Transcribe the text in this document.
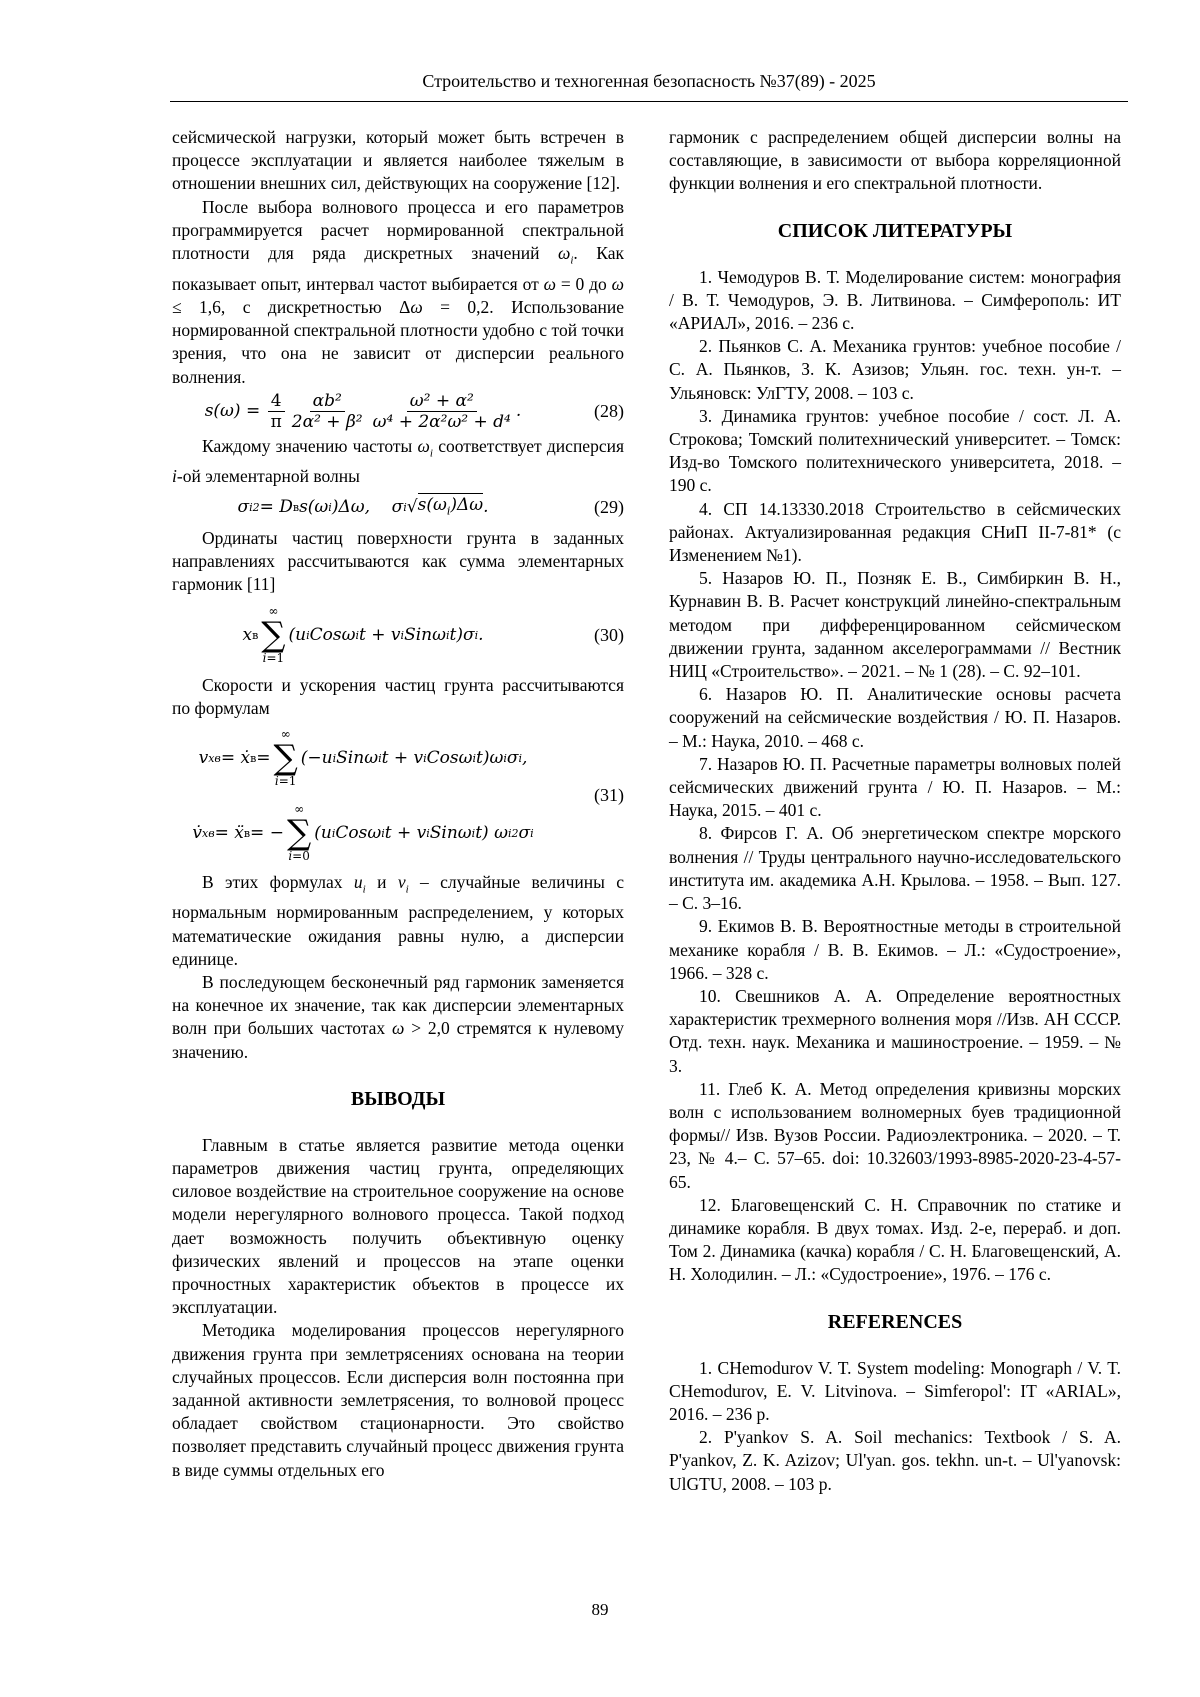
Строительство и техногенная безопасность №37(89) - 2025

сейсмической нагрузки, который может быть встречен в процессе эксплуатации и является наиболее тяжелым в отношении внешних сил, действующих на сооружение [12].

После выбора волнового процесса и его параметров программируется расчет нормированной спектральной плотности для ряда дискретных значений $\omega_i$. Как показывает опыт, интервал частот выбирается от ω = 0 до ω ≤ 1,6, с дискретностью Δω = 0,2. Использование нормированной спектральной плотности удобно с той точки зрения, что она не зависит от дисперсии реального волнения.

$s(\omega) = \frac{4}{\pi} \frac{\text{αb²}}{\text{2α² + β²}} \frac{\text{ω² + α²}}{\text{ω⁴ + 2α²ω² + d⁴}}$ .	(28)

Каждому значению частоты $\omega_i$ соответствует дисперсия i-ой элементарной волны

σ i 2 = D в s(ω i )Δω,    σ i √ $s(\omega_i)\Delta\omega$ .	(29)

Ординаты частиц поверхности грунта в заданных направлениях рассчитываются как сумма элементарных гармоник [11]

x в
∞
∑
i=1
(u i Cosω i t + v i Sinω i t)σ i .	(30)

Скорости и ускорения частиц грунта рассчитываются по формулам

v xв = ẋ в =
∞
∑
i=1
(−u i Sinω i t + v i Cosω i t)ω i σ i ,
v̇ xв = ẍ в = −
∞
∑
i=0
(u i Cosω i t + v i Sinω i t) ω i 2 σ i
(31)

В этих формулах $u_i$ и $v_i$ – случайные величины с нормальным нормированным распределением, у которых математические ожидания равны нулю, а дисперсии единице.

В последующем бесконечный ряд гармоник заменяется на конечное их значение, так как дисперсии элементарных волн при больших частотах ω > 2,0 стремятся к нулевому значению.

ВЫВОДЫ

Главным в статье является развитие метода оценки параметров движения частиц грунта, определяющих силовое воздействие на строительное сооружение на основе модели нерегулярного волнового процесса. Такой подход дает возможность получить объективную оценку физических явлений и процессов на этапе оценки прочностных характеристик объектов в процессе их эксплуатации.

Методика моделирования процессов нерегулярного движения грунта при землетрясениях основана на теории случайных процессов. Если дисперсия волн постоянна при заданной активности землетрясения, то волновой процесс обладает свойством стационарности. Это свойство позволяет представить случайный процесс движения грунта в виде суммы отдельных его

гармоник с распределением общей дисперсии волны на составляющие, в зависимости от выбора корреляционной функции волнения и его спектральной плотности.

СПИСОК ЛИТЕРАТУРЫ

1. Чемодуров В. Т. Моделирование систем: монография / В. Т. Чемодуров, Э. В. Литвинова. – Симферополь: ИТ «АРИАЛ», 2016. – 236 с.

2. Пьянков С. А. Механика грунтов: учебное пособие / С. А. Пьянков, З. К. Азизов; Ульян. гос. техн. ун-т. – Ульяновск: УлГТУ, 2008. – 103 с.

3. Динамика грунтов: учебное пособие / сост. Л. А. Строкова; Томский политехнический университет. – Томск: Изд-во Томского политехнического университета, 2018. – 190 с.

4. СП 14.13330.2018 Строительство в сейсмических районах. Актуализированная редакция СНиП II-7-81* (с Изменением №1).

5. Назаров Ю. П., Позняк Е. В., Симбиркин В. Н., Курнавин В. В. Расчет конструкций линейно-спектральным методом при дифференцированном сейсмическом движении грунта, заданном акселерограммами // Вестник НИЦ «Строительство». – 2021. – № 1 (28). – С. 92–101.

6. Назаров Ю. П. Аналитические основы расчета сооружений на сейсмические воздействия / Ю. П. Назаров. – М.: Наука, 2010. – 468 с.

7. Назаров Ю. П. Расчетные параметры волновых полей сейсмических движений грунта / Ю. П. Назаров. – М.: Наука, 2015. – 401 с.

8. Фирсов Г. А. Об энергетическом спектре морского волнения // Труды центрального научно-исследовательского института им. академика А.Н. Крылова. – 1958. – Вып. 127. – С. 3–16.

9. Екимов В. В. Вероятностные методы в строительной механике корабля / В. В. Екимов. – Л.: «Судостроение», 1966. – 328 с.

10. Свешников А. А. Определение вероятностных характеристик трехмерного волнения моря //Изв. АН СССР. Отд. техн. наук. Механика и машиностроение. – 1959. – № 3.

11. Глеб К. А. Метод определения кривизны морских волн с использованием волномерных буев традиционной формы// Изв. Вузов России. Радиоэлектроника. – 2020. – Т. 23, № 4.– С. 57–65. doi: 10.32603/1993-8985-2020-23-4-57-65.

12. Благовещенский С. Н. Справочник по статике и динамике корабля. В двух томах. Изд. 2-е, перераб. и доп. Том 2. Динамика (качка) корабля / С. Н. Благовещенский, А. Н. Холодилин. – Л.: «Судостроение», 1976. – 176 с.

REFERENCES

1. CHemodurov V. T. System modeling: Monograph / V. T. CHemodurov, E. V. Litvinova. – Simferopol': IT «ARIAL», 2016. – 236 p.

2. P'yankov S. A. Soil mechanics: Textbook / S. A. P'yankov, Z. K. Azizov; Ul'yan. gos. tekhn. un-t. – Ul'yanovsk: UlGTU, 2008. – 103 p.

89
